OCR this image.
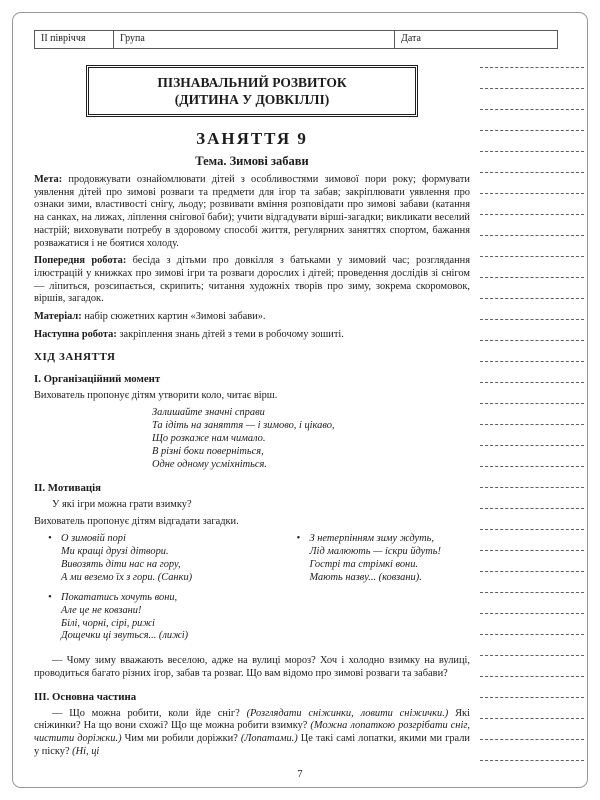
ІІ півріччя	Група	Дата
ПІЗНАВАЛЬНИЙ РОЗВИТОК
(ДИТИНА У ДОВКІЛЛІ)
ЗАНЯТТЯ 9
Тема. Зимові забави

Мета: продовжувати ознайомлювати дітей з особливостями зимової пори року; формувати уявлення дітей про зимові розваги та предмети для ігор та забав; закріплювати уявлення про ознаки зими, властивості снігу, льоду; розвивати вміння розповідати про зимові забави (катання на санках, на лижах, ліплення снігової баби); учити відгадувати вірші-загадки; викликати веселий настрій; виховувати потребу в здоровому способі життя, регулярних заняттях спортом, бажання розважатися і не боятися холоду.

Попередня робота: бесіда з дітьми про довкілля з батьками у зимовий час; розглядання ілюстрацій у книжках про зимові ігри та розваги дорослих і дітей; проведення дослідів зі снігом — ліпиться, розсипається, скрипить; читання художніх творів про зиму, зокрема скоромовок, віршів, загадок.

Матеріал: набір сюжетних картин «Зимові забави».

Наступна робота: закріплення знань дітей з теми в робочому зошиті.

ХІД ЗАНЯТТЯ
І. Організаційний момент

Вихователь пропонує дітям утворити коло, читає вірш.

Залишайте значні справи
Та ідіть на заняття — і зимово, і цікаво,
Що розкаже нам чимало.
В різні боки поверніться,
Одне одному усміхніться.
ІІ. Мотивація

У які ігри можна грати взимку?

Вихователь пропонує дітям відгадати загадки.

• О зимовій порі
Ми кращі друзі дітвори.
Вивозять діти нас на гору,
А ми веземо їх з гори. (Санки)
• Покататись хочуть вони,
Але це не ковзани!
Білі, чорні, сірі, рижі
Дощечки ці звуться... (лижі)
• З нетерпінням зиму ждуть,
Лід малюють — іскри йдуть!
Гострі та стрімкі вони.
Мають назву... (ковзани).

— Чому зиму вважають веселою, адже на вулиці мороз? Хоч і холодно взимку на вулиці, проводиться багато різних ігор, забав та розваг. Що вам відомо про зимові розваги та забави?

ІІІ. Основна частина

— Що можна робити, коли йде сніг? (Розглядати сніжинки, ловити сніжички.) Які сніжинки? На що вони схожі? Що ще можна робити взимку? (Можна лопаткою розгрібати сніг, чистити доріжки.) Чим ми робили доріжки? (Лопатами.) Це такі самі лопатки, якими ми грали у піску? (Ні, ці

7
